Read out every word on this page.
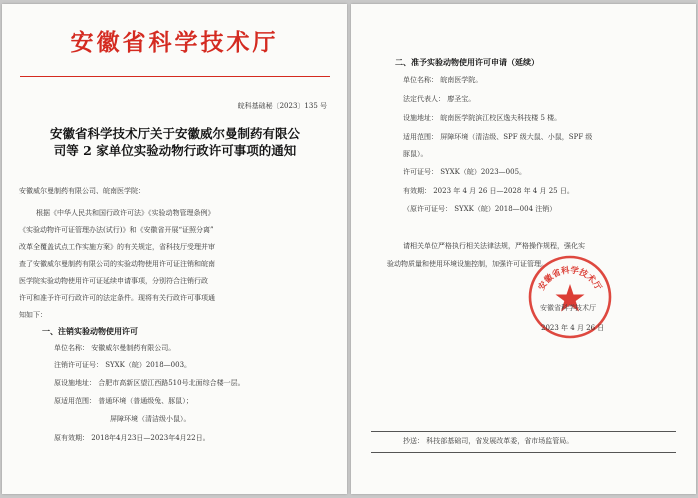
安徽省科学技术厅
皖科基础秘〔2023〕135 号
安徽省科学技术厅关于安徽威尔曼制药有限公
司等 2 家单位实验动物行政许可事项的通知
安徽威尔曼制药有限公司、皖南医学院：
根据《中华人民共和国行政许可法》《实验动物管理条例》
《实验动物许可证管理办法(试行)》和《安徽省开展“证照分离”
改革全覆盖试点工作实施方案》的有关规定，省科技厅受理并审
查了安徽威尔曼制药有限公司的实验动物使用许可证注销和皖南
医学院实验动物使用许可证延续申请事项，分别符合注销行政
许可和准予许可行政许可的法定条件。现将有关行政许可事项通
知如下：
一、注销实验动物使用许可
单位名称： 安徽威尔曼制药有限公司。
注销许可证号： SYXK（皖）2018—003。
原设施地址： 合肥市高新区望江西路510号北面综合楼一层。
原适用范围： 普通环境（普通级兔、豚鼠）；
屏障环境（清洁级小鼠）。
原有效期： 2018年4月23日—2023年4月22日。
二、准予实验动物使用许可申请（延续）
单位名称： 皖南医学院。
法定代表人： 廖圣宝。
设施地址： 皖南医学院滨江校区逸夫科技楼 5 楼。
适用范围： 屏障环境（清洁级、SPF 级大鼠、小鼠，SPF 级
豚鼠）。
许可证号： SYXK（皖）2023—005。
有效期： 2023 年 4 月 26 日—2028 年 4 月 25 日。
（原许可证号： SYXK（皖）2018—004 注销）
请相关单位严格执行相关法律法规，严格操作规程，强化实
验动物质量和使用环境设施控制，加强许可证管理。
安徽省科学技术厅
安徽省科学技术厅
2023 年 4 月 26 日
抄送： 科技部基础司，省发展改革委，省市场监管局。
